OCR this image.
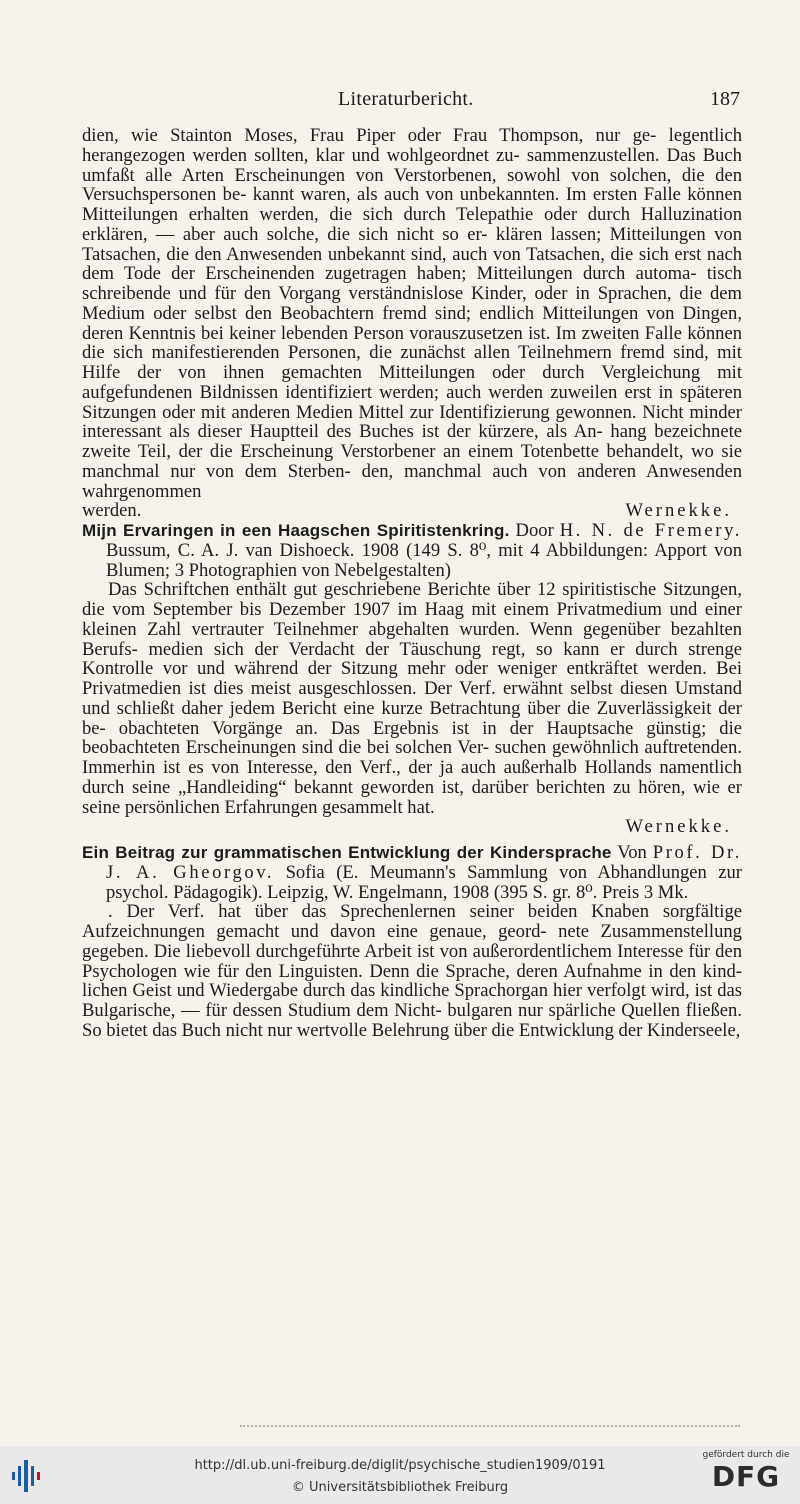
Literaturbericht.	187

dien, wie Stainton Moses, Frau Piper oder Frau Thompson, nur ge- legentlich herangezogen werden sollten, klar und wohlgeordnet zu- sammenzustellen. Das Buch umfaßt alle Arten Erscheinungen von Verstorbenen, sowohl von solchen, die den Versuchspersonen be- kannt waren, als auch von unbekannten. Im ersten Falle können Mitteilungen erhalten werden, die sich durch Telepathie oder durch Halluzination erklären, — aber auch solche, die sich nicht so er- klären lassen; Mitteilungen von Tatsachen, die den Anwesenden unbekannt sind, auch von Tatsachen, die sich erst nach dem Tode der Erscheinenden zugetragen haben; Mitteilungen durch automa- tisch schreibende und für den Vorgang verständnislose Kinder, oder in Sprachen, die dem Medium oder selbst den Beobachtern fremd sind; endlich Mitteilungen von Dingen, deren Kenntnis bei keiner lebenden Person vorauszusetzen ist. Im zweiten Falle können die sich manifestierenden Personen, die zunächst allen Teilnehmern fremd sind, mit Hilfe der von ihnen gemachten Mitteilungen oder durch Vergleichung mit aufgefundenen Bildnissen identifiziert werden; auch werden zuweilen erst in späteren Sitzungen oder mit anderen Medien Mittel zur Identifizierung gewonnen. Nicht minder interessant als dieser Hauptteil des Buches ist der kürzere, als An- hang bezeichnete zweite Teil, der die Erscheinung Verstorbener an einem Totenbette behandelt, wo sie manchmal nur von dem Sterben- den, manchmal auch von anderen Anwesenden wahrgenommen

werden.	Wernekke.

Mijn Ervaringen in een Haagschen Spiritistenkring. Door H. N. de Fremery. Bussum, C. A. J. van Dishoeck. 1908 (149 S. 8⁰, mit 4 Abbildungen: Apport von Blumen; 3 Photographien von Nebelgestalten)

Das Schriftchen enthält gut geschriebene Berichte über 12 spiritistische Sitzungen, die vom September bis Dezember 1907 im Haag mit einem Privatmedium und einer kleinen Zahl vertrauter Teilnehmer abgehalten wurden. Wenn gegenüber bezahlten Berufs- medien sich der Verdacht der Täuschung regt, so kann er durch strenge Kontrolle vor und während der Sitzung mehr oder weniger entkräftet werden. Bei Privatmedien ist dies meist ausgeschlossen. Der Verf. erwähnt selbst diesen Umstand und schließt daher jedem Bericht eine kurze Betrachtung über die Zuverlässigkeit der be- obachteten Vorgänge an. Das Ergebnis ist in der Hauptsache günstig; die beobachteten Erscheinungen sind die bei solchen Ver- suchen gewöhnlich auftretenden. Immerhin ist es von Interesse, den Verf., der ja auch außerhalb Hollands namentlich durch seine „Handleiding“ bekannt geworden ist, darüber berichten zu hören, wie er seine persönlichen Erfahrungen gesammelt hat.

Wernekke.

Ein Beitrag zur grammatischen Entwicklung der Kindersprache Von Prof. Dr. J. A. Gheorgov. Sofia (E. Meumann's Sammlung von Abhandlungen zur psychol. Pädagogik). Leipzig, W. Engelmann, 1908 (395 S. gr. 8⁰. Preis 3 Mk.

. Der Verf. hat über das Sprechenlernen seiner beiden Knaben sorgfältige Aufzeichnungen gemacht und davon eine genaue, geord- nete Zusammenstellung gegeben. Die liebevoll durchgeführte Arbeit ist von außerordentlichem Interesse für den Psychologen wie für den Linguisten. Denn die Sprache, deren Aufnahme in den kind- lichen Geist und Wiedergabe durch das kindliche Sprachorgan hier verfolgt wird, ist das Bulgarische, — für dessen Studium dem Nicht- bulgaren nur spärliche Quellen fließen. So bietet das Buch nicht nur wertvolle Belehrung über die Entwicklung der Kinderseele,

http://dl.ub.uni-freiburg.de/diglit/psychische_studien1909/0191
© Universitätsbibliothek Freiburg
gefördert durch die
DFG
